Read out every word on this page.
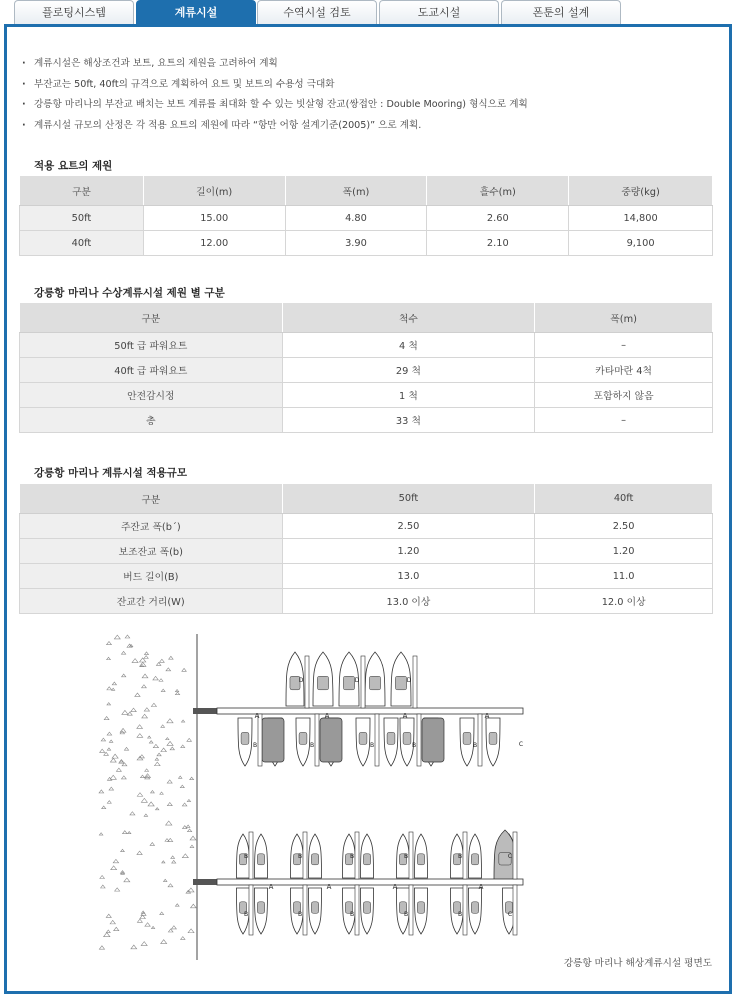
플로팅시스템	계류시설	수역시설 검토	도교시설	폰툰의 설계
· 계류시설은 해상조건과 보트, 요트의 제원을 고려하여 계획
· 부잔교는 50ft, 40ft의 규격으로 계획하여 요트 및 보트의 수용성 극대화
· 강릉항 마리나의 부잔교 배치는 보트 계류를 최대화 할 수 있는 빗살형 잔교(쌍접안 : Double Mooring) 형식으로 계획
· 계류시설 규모의 산정은 각 적용 요트의 제원에 따라 “항만 어항 설계기준(2005)” 으로 계획.
적용 요트의 제원
구분	길이(m)	폭(m)	흘수(m)	중량(kg)
50ft	15.00	4.80	2.60	14,800
40ft	12.00	3.90	2.10	9,100
강릉항 마리나 수상계류시설 제원 별 구분
구분	척수	폭(m)
50ft 급 파워요트	4 척	–
40ft 급 파워요트	29 척	카타마란 4척
안전감시정	1 척	포함하지 않음
총	33 척	–
강릉항 마리나 계류시설 적용규모
구분	50ft	40ft
주잔교 폭(b´)	2.50	2.50
보조잔교 폭(b)	1.20	1.20
버드 길이(B)	13.0	11.0
잔교간 거리(W)	13.0 이상	12.0 이상
D	D	D
B	B	B	B	B
A	A	A	A
C
B
B
B
B
B
B
B
B
B
B
C
C
A	A	A	A
강릉항 마리나 해상계류시설 평면도
